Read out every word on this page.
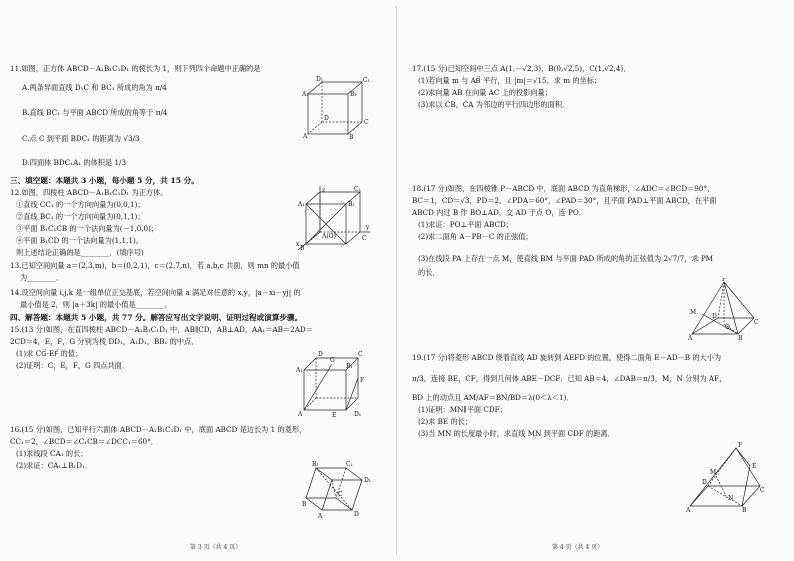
11.如图，正方体 ABCD－A₁B₁C₁D₁ 的棱长为 1，则下列四个命题中正确的是
A.两条异面直线 D₁C 和 BC₁ 所成的角为 π/4
B.直线 BC₁ 与平面 ABCD 所成的角等于 π/4
C.点 C 到平面 BDC₁ 的距离为 √3/3
D.四面体 BDC₁A₁ 的体积是 1/3
A₁	B₁
D₁	C₁
A	B
D
C
三、填空题：本题共 3 小题，每小题 5 分，共 15 分。
12.如图，四棱柱 ABCD－A₁B₁C₁D₁ 为正方体。
①直线 CC₁ 的一个方向向量为(0,0,1)；
②直线 BC₁ 的一个方向向量为(0,1,1)；
③平面 B₁C₁CB 的一个法向量为(－1,0,0)；
④平面 B₁CD 的一个法向量为(1,1,1)。
则上述结论正确的是________．(填序号)
z
y
x
A₁	B₁
C₁
A(O)
B
C
13.已知空间向量 a＝(2,3,m)，b＝(0,2,1)，c＝(2,7,n)，若 a,b,c 共面，则 mn 的最小值
为________．
14.设空间向量 i,j,k 是一组单位正交基底，若空间向量 a 满足对任意的 x,y，|a－xi－yj| 的
最小值是 2，则 |a＋3k| 的最小值是________．
四、解答题：本题共 5 小题，共 77 分。解答应写出文字说明、证明过程或演算步骤。
15.(13 分)如图，在直四棱柱 ABCD－A₁B₁C₁D₁ 中，AB∥CD，AB⊥AD，AA₁＝AB＝2AD＝
2CD＝4，E，F，G 分别为棱 DD₁，A₁D₁，BB₁ 的中点．
(1)求 CG⃗·EF⃗ 的值；
(2)证明：C，E，F，G 四点共面．
A₁
B₁
D	C
G
A	E	D₁
F
16.(15 分)如图，已知平行六面体 ABCD－A₁B₁C₁D₁ 中，底面 ABCD 是边长为 1 的菱形，
CC₁＝2，∠BCD＝∠C₁CB＝∠DCC₁＝60°．
(1)求线段 CA₁ 的长；
(2)求证：CA₁⊥B₁D₁．	B₁	C₁
D₁
B
A	D
C
第 3 页（共 4 页）
17.(15 分)已知空间中三点 A(1,－√2,3)，B(0,√2,5)，C(1,√2,4)．
(1)若向量 m 与 AB⃗ 平行，且 |m|＝√15，求 m 的坐标；
(2)求向量 AB 在向量 AC 上的投影向量；
(3)求以 CB，CA 为邻边的平行四边形的面积．
18.(17 分)如图，在四棱锥 P－ABCD 中，底面 ABCD 为直角梯形，∠ADC＝∠BCD＝90°，
BC＝1，CD＝√3，PD＝2，∠PDA＝60°，∠PAD＝30°，且平面 PAD⊥平面 ABCD，在平面
ABCD 内过 B 作 BO⊥AD，交 AD 于点 O，连 PO．
(1)求证：PO⊥平面 ABCD；
(2)求二面角 A－PB－C 的正弦值；
(3)在线段 PA 上存在一点 M，使直线 BM 与平面 PAD 所成的角的正弦值为 2√7/7，求 PM
的长．
P
M
A	B
C
D
O
19.(17 分)将菱形 ABCD 绕着直线 AD 旋转到 AEFD 的位置，使得二面角 E－AD－B 的大小为
π/3，连接 BE，CF，得到几何体 ABE－DCF．已知 AB＝4，∠DAB＝π/3，M，N 分别为 AF，
BD 上的动点且 AM/AF＝BN/BD＝λ(0＜λ＜1)．
(1)证明：MN∥平面 CDF；
(2)求 BE 的长；
(3)当 MN 的长度最小时，求直线 MN 到平面 CDF 的距离．
F
E
A	B
C
D
M
N
第 4 页（共 4 页）
